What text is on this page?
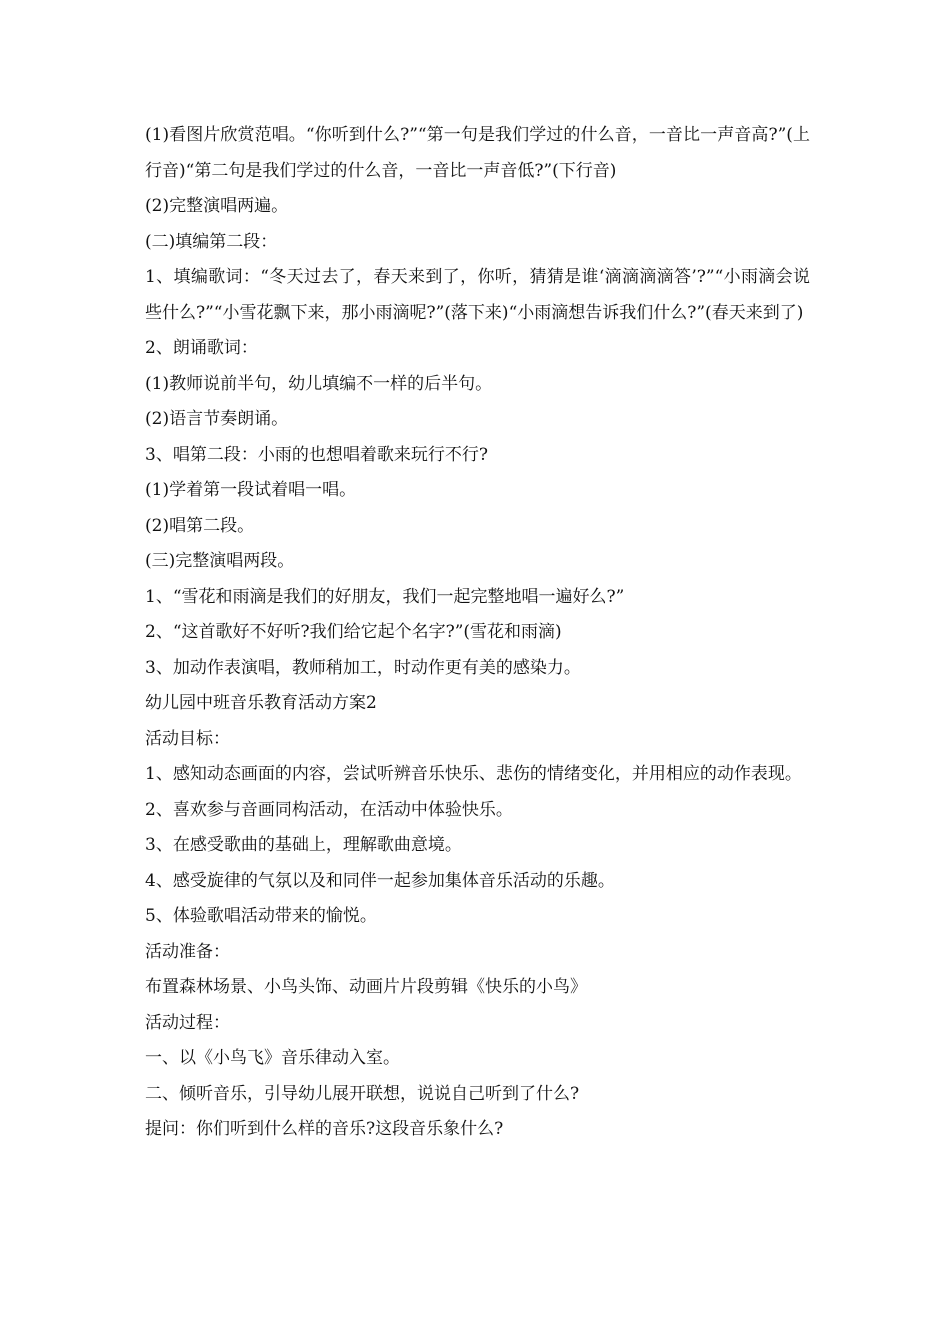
(1)看图片欣赏范唱。“你听到什么?”“第一句是我们学过的什么音，一音比一声音高?”(上行音)“第二句是我们学过的什么音，一音比一声音低?”(下行音)

(2)完整演唱两遍。

(二)填编第二段：

1、填编歌词：“冬天过去了，春天来到了，你听，猜猜是谁‘滴滴滴滴答’?”“小雨滴会说些什么?”“小雪花飘下来，那小雨滴呢?”(落下来)“小雨滴想告诉我们什么?”(春天来到了)

2、朗诵歌词：

(1)教师说前半句，幼儿填编不一样的后半句。

(2)语言节奏朗诵。

3、唱第二段：小雨的也想唱着歌来玩行不行?

(1)学着第一段试着唱一唱。

(2)唱第二段。

(三)完整演唱两段。

1、“雪花和雨滴是我们的好朋友，我们一起完整地唱一遍好么?”

2、“这首歌好不好听?我们给它起个名字?”(雪花和雨滴)

3、加动作表演唱，教师稍加工，时动作更有美的感染力。

幼儿园中班音乐教育活动方案2

活动目标：

1、感知动态画面的内容，尝试听辨音乐快乐、悲伤的情绪变化，并用相应的动作表现。

2、喜欢参与音画同构活动，在活动中体验快乐。

3、在感受歌曲的基础上，理解歌曲意境。

4、感受旋律的气氛以及和同伴一起参加集体音乐活动的乐趣。

5、体验歌唱活动带来的愉悦。

活动准备：

布置森林场景、小鸟头饰、动画片片段剪辑《快乐的小鸟》

活动过程：

一、以《小鸟飞》音乐律动入室。

二、倾听音乐，引导幼儿展开联想，说说自己听到了什么?

提问：你们听到什么样的音乐?这段音乐象什么?
